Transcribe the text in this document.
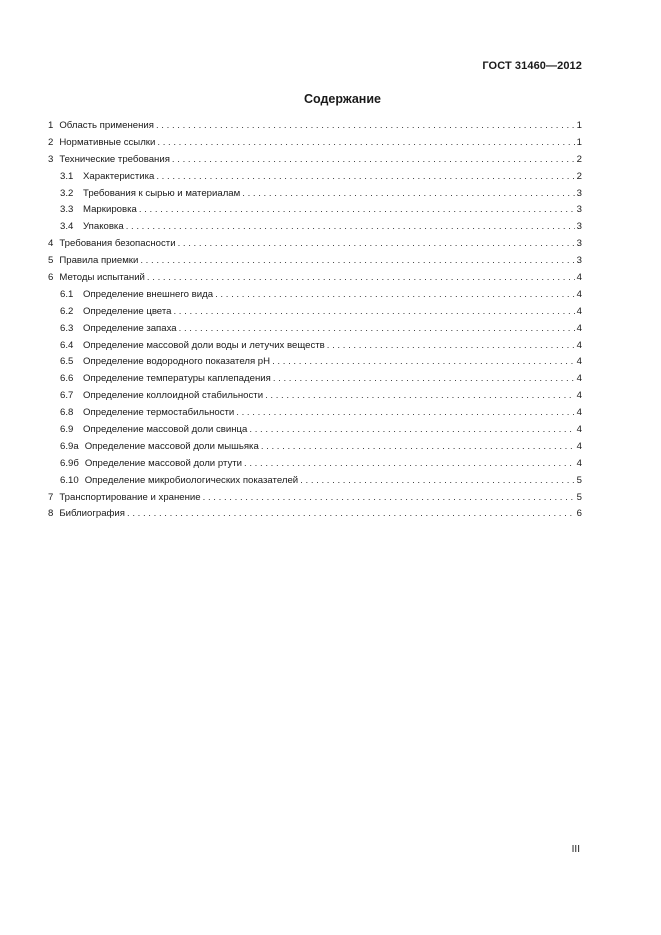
ГОСТ 31460—2012
Содержание
1 Область применения . . .	1
2 Нормативные ссылки . . .	1
3 Технические требования . . .	2
3.1 Характеристика . . .	2
3.2 Требования к сырью и материалам . . .	3
3.3 Маркировка . . .	3
3.4 Упаковка . . .	3
4 Требования безопасности . . .	3
5 Правила приемки . . .	3
6 Методы испытаний . . .	4
6.1 Определение внешнего вида . . .	4
6.2 Определение цвета . . .	4
6.3 Определение запаха . . .	4
6.4 Определение массовой доли воды и летучих веществ . . .	4
6.5 Определение водородного показателя pH . . .	4
6.6 Определение температуры каплепадения . . .	4
6.7 Определение коллоидной стабильности . . .	4
6.8 Определение термостабильности . . .	4
6.9 Определение массовой доли свинца . . .	4
6.9а Определение массовой доли мышьяка . . .	4
6.9б Определение массовой доли ртути . . .	4
6.10 Определение микробиологических показателей . . .	5
7 Транспортирование и хранение . . .	5
8 Библиография . . .	6
III
